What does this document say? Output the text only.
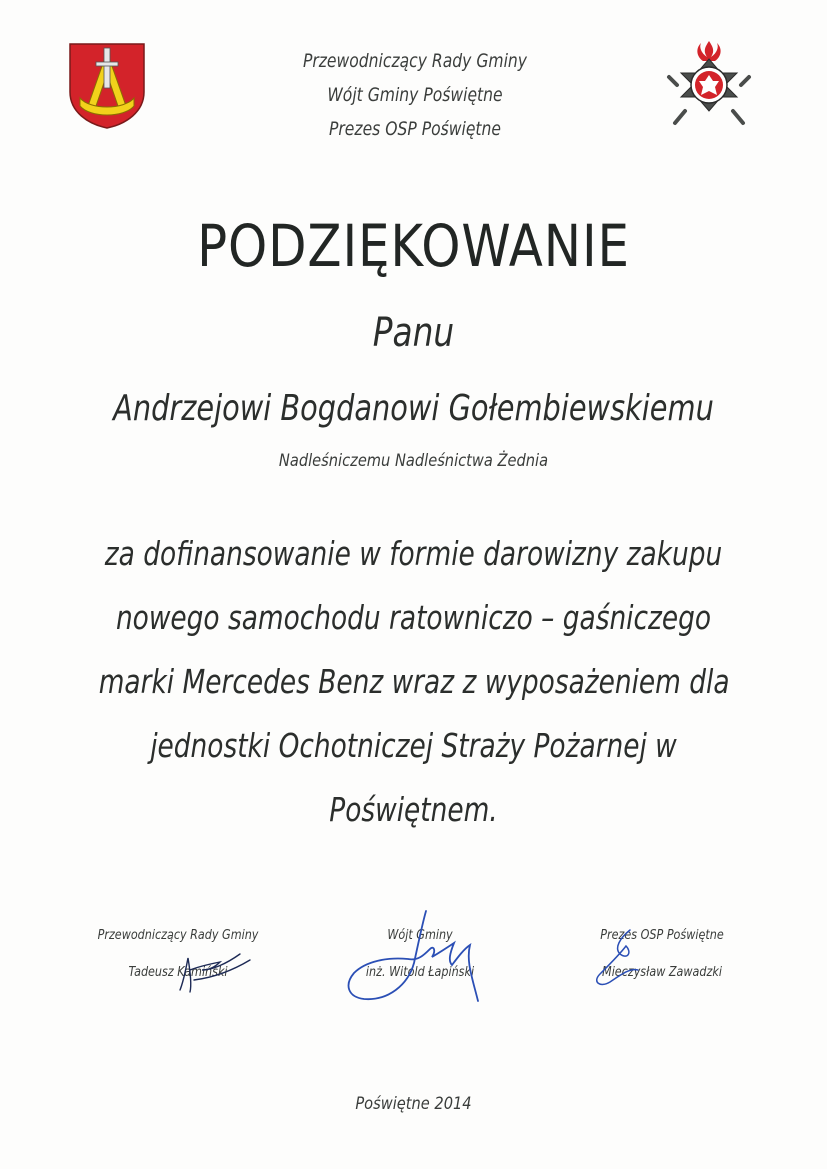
Przewodniczący Rady Gminy
Wójt Gminy Poświętne
Prezes OSP Poświętne
PODZIĘKOWANIE
Panu
Andrzejowi Bogdanowi Gołembiewskiemu
Nadleśniczemu Nadleśnictwa Żednia
za dofinansowanie w formie darowizny zakupu
nowego samochodu ratowniczo – gaśniczego
marki Mercedes Benz wraz z wyposażeniem dla
jednostki Ochotniczej Straży Pożarnej w
Poświętnem.
Przewodniczący Rady Gminy
Tadeusz Kamiński
Wójt Gminy
inż. Witold Łapiński
Prezes OSP Poświętne
Mieczysław Zawadzki
Poświętne 2014
